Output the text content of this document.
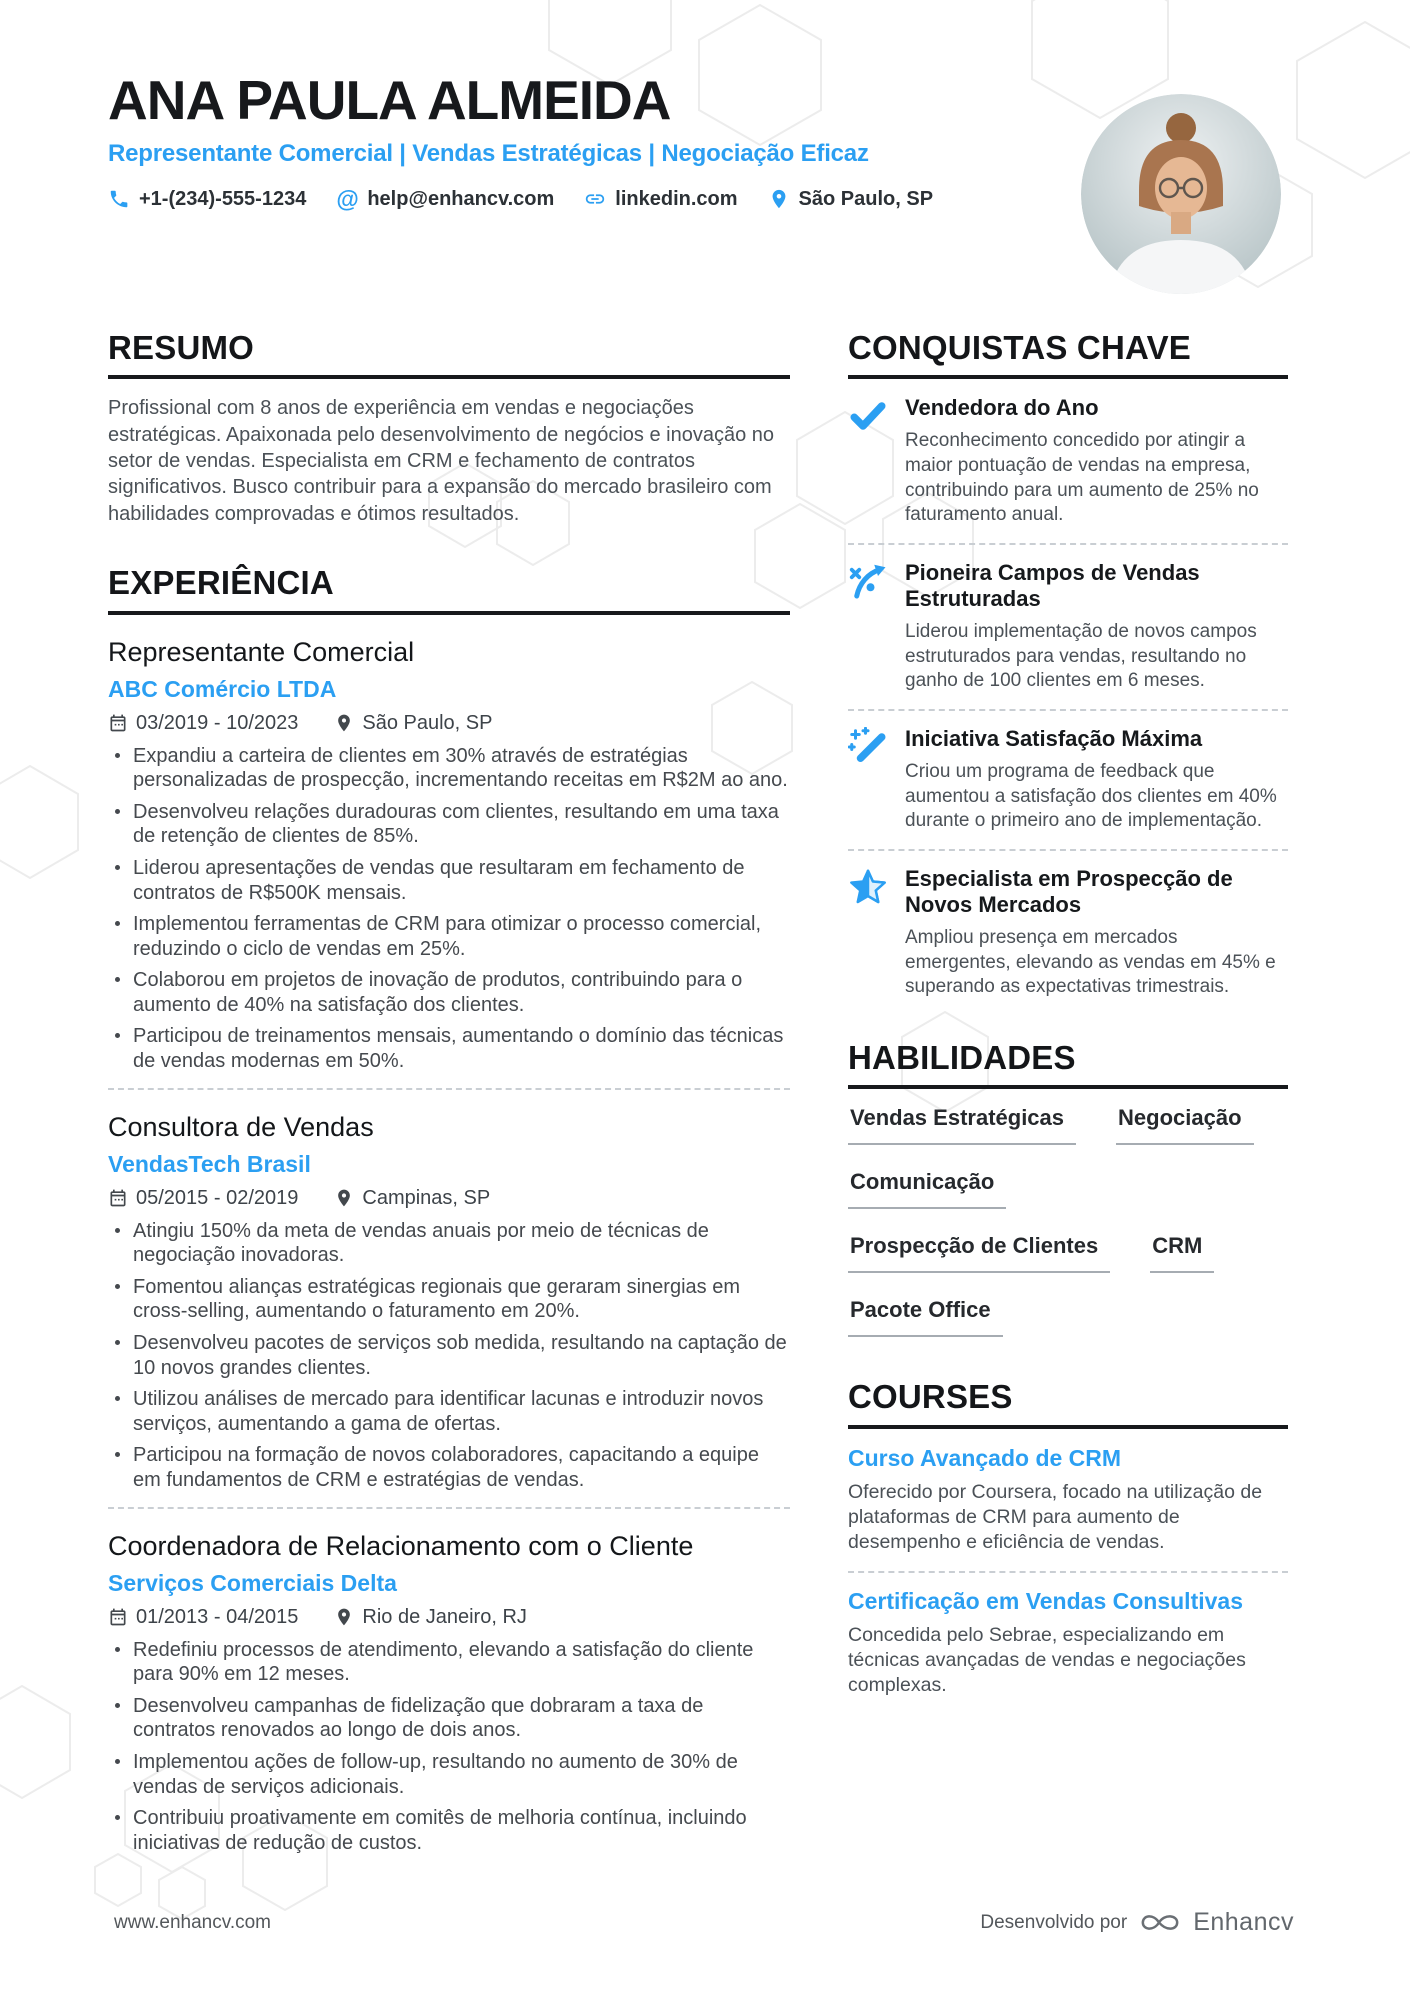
ANA PAULA ALMEIDA
Representante Comercial | Vendas Estratégicas | Negociação Eficaz
+1-(234)-555-1234 @ help@enhancv.com	linkedin.com	São Paulo, SP
RESUMO

Profissional com 8 anos de experiência em vendas e negociações estratégicas. Apaixonada pelo desenvolvimento de negócios e inovação no setor de vendas. Especialista em CRM e fechamento de contratos significativos. Busco contribuir para a expansão do mercado brasileiro com habilidades comprovadas e ótimos resultados.

EXPERIÊNCIA
Representante Comercial
ABC Comércio LTDA
03/2019 - 10/2023	São Paulo, SP
Expandiu a carteira de clientes em 30% através de estratégias personalizadas de prospecção, incrementando receitas em R$2M ao ano.
Desenvolveu relações duradouras com clientes, resultando em uma taxa de retenção de clientes de 85%.
Liderou apresentações de vendas que resultaram em fechamento de contratos de R$500K mensais.
Implementou ferramentas de CRM para otimizar o processo comercial, reduzindo o ciclo de vendas em 25%.
Colaborou em projetos de inovação de produtos, contribuindo para o aumento de 40% na satisfação dos clientes.
Participou de treinamentos mensais, aumentando o domínio das técnicas de vendas modernas em 50%.
Consultora de Vendas
VendasTech Brasil
05/2015 - 02/2019	Campinas, SP
Atingiu 150% da meta de vendas anuais por meio de técnicas de negociação inovadoras.
Fomentou alianças estratégicas regionais que geraram sinergias em cross-selling, aumentando o faturamento em 20%.
Desenvolveu pacotes de serviços sob medida, resultando na captação de 10 novos grandes clientes.
Utilizou análises de mercado para identificar lacunas e introduzir novos serviços, aumentando a gama de ofertas.
Participou na formação de novos colaboradores, capacitando a equipe em fundamentos de CRM e estratégias de vendas.
Coordenadora de Relacionamento com o Cliente
Serviços Comerciais Delta
01/2013 - 04/2015	Rio de Janeiro, RJ
Redefiniu processos de atendimento, elevando a satisfação do cliente para 90% em 12 meses.
Desenvolveu campanhas de fidelização que dobraram a taxa de contratos renovados ao longo de dois anos.
Implementou ações de follow-up, resultando no aumento de 30% de vendas de serviços adicionais.
Contribuiu proativamente em comitês de melhoria contínua, incluindo iniciativas de redução de custos.
CONQUISTAS CHAVE
Vendedora do Ano
Reconhecimento concedido por atingir a maior pontuação de vendas na empresa, contribuindo para um aumento de 25% no faturamento anual.
Pioneira Campos de Vendas Estruturadas
Liderou implementação de novos campos estruturados para vendas, resultando no ganho de 100 clientes em 6 meses.
Iniciativa Satisfação Máxima
Criou um programa de feedback que aumentou a satisfação dos clientes em 40% durante o primeiro ano de implementação.
Especialista em Prospecção de Novos Mercados
Ampliou presença em mercados emergentes, elevando as vendas em 45% e superando as expectativas trimestrais.
HABILIDADES
Vendas Estratégicas	Negociação
Comunicação
Prospecção de Clientes	CRM
Pacote Office
COURSES
Curso Avançado de CRM
Oferecido por Coursera, focado na utilização de plataformas de CRM para aumento de desempenho e eficiência de vendas.
Certificação em Vendas Consultivas
Concedida pelo Sebrae, especializando em técnicas avançadas de vendas e negociações complexas.
www.enhancv.com	Desenvolvido por	Enhancv
